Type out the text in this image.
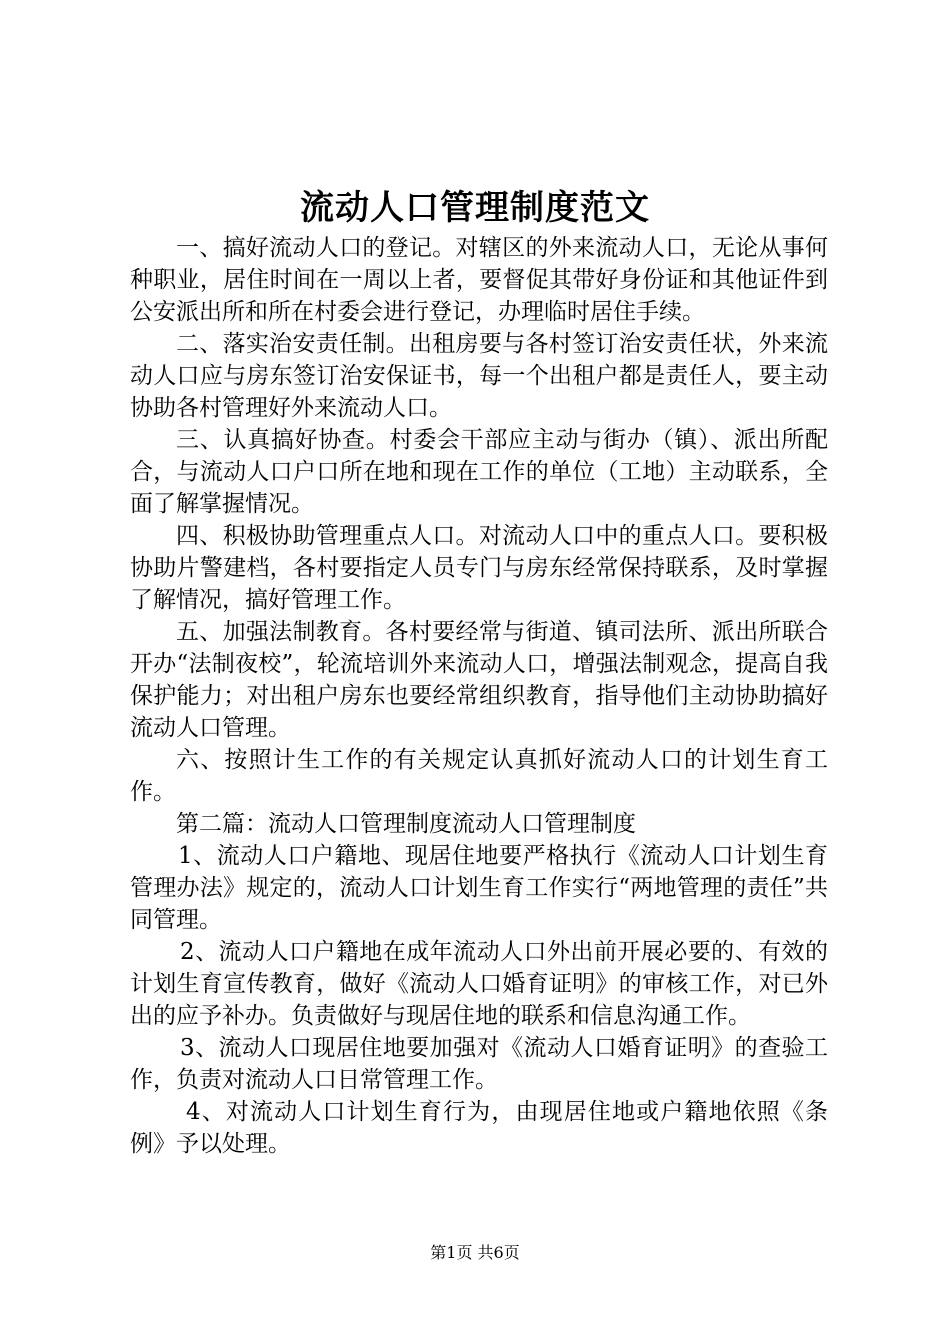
流动人口管理制度范文

一、搞好流动人口的登记。对辖区的外来流动人口，无论从事何种职业，居住时间在一周以上者，要督促其带好身份证和其他证件到公安派出所和所在村委会进行登记，办理临时居住手续。

二、落实治安责任制。出租房要与各村签订治安责任状，外来流动人口应与房东签订治安保证书，每一个出租户都是责任人，要主动协助各村管理好外来流动人口。

三、认真搞好协查。村委会干部应主动与街办（镇）、派出所配合，与流动人口户口所在地和现在工作的单位（工地）主动联系，全面了解掌握情况。

四、积极协助管理重点人口。对流动人口中的重点人口。要积极协助片警建档，各村要指定人员专门与房东经常保持联系，及时掌握了解情况，搞好管理工作。

五、加强法制教育。各村要经常与街道、镇司法所、派出所联合开办“法制夜校”，轮流培训外来流动人口，增强法制观念，提高自我保护能力；对出租户房东也要经常组织教育，指导他们主动协助搞好流动人口管理。

六、按照计生工作的有关规定认真抓好流动人口的计划生育工作。

第二篇：流动人口管理制度流动人口管理制度

1、流动人口户籍地、现居住地要严格执行《流动人口计划生育管理办法》规定的，流动人口计划生育工作实行“两地管理的责任”共同管理。

2、流动人口户籍地在成年流动人口外出前开展必要的、有效的计划生育宣传教育，做好《流动人口婚育证明》的审核工作，对已外出的应予补办。负责做好与现居住地的联系和信息沟通工作。

3、流动人口现居住地要加强对《流动人口婚育证明》的查验工作，负责对流动人口日常管理工作。

4、对流动人口计划生育行为，由现居住地或户籍地依照《条例》予以处理。

第1页 共6页
